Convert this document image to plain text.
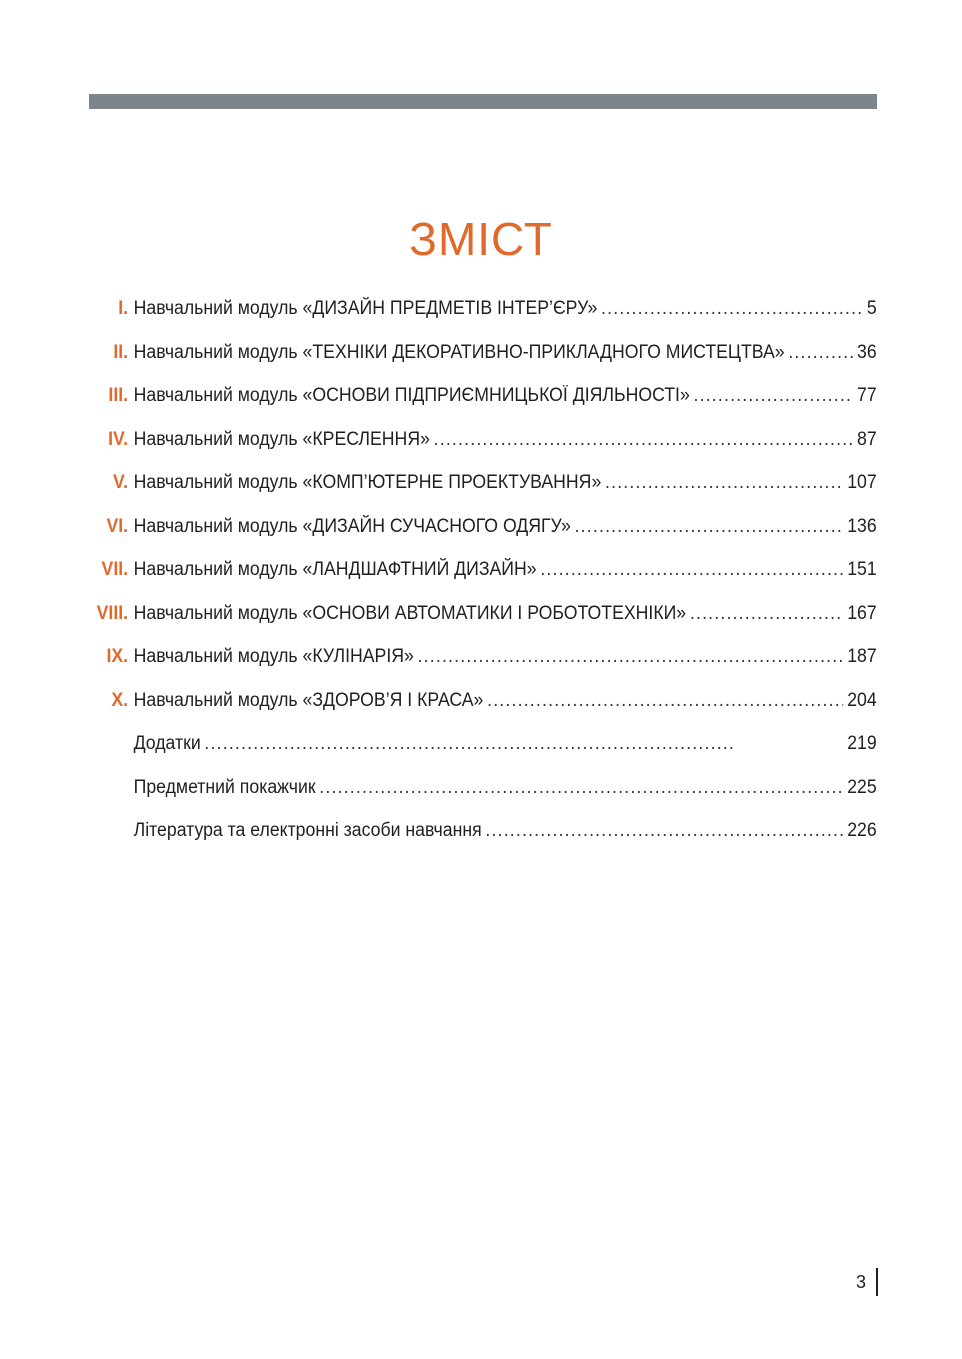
ЗМІСТ
I. Навчальний модуль «ДИЗАЙН ПРЕДМЕТІВ ІНТЕР’ЄРУ» . . .	5
II. Навчальний модуль «ТЕХНІКИ ДЕКОРАТИВНО-ПРИКЛАДНОГО МИСТЕЦТВА» . . .	36
III. Навчальний модуль «ОСНОВИ ПІДПРИЄМНИЦЬКОЇ ДІЯЛЬНОСТІ» . . .	77
IV. Навчальний модуль «КРЕСЛЕННЯ» . . .	87
V. Навчальний модуль «КОМП’ЮТЕРНЕ ПРОЕКТУВАННЯ» . . .	107
VI. Навчальний модуль «ДИЗАЙН СУЧАСНОГО ОДЯГУ» . . .	136
VII. Навчальний модуль «ЛАНДШАФТНИЙ ДИЗАЙН» . . .	151
VIII. Навчальний модуль «ОСНОВИ АВТОМАТИКИ І РОБОТОТЕХНІКИ» . . .	167
IX. Навчальний модуль «КУЛІНАРІЯ» . . .	187
X. Навчальний модуль «ЗДОРОВ’Я І КРАСА» . . .	204
Додатки . . .	219
Предметний покажчик . . .	225
Література та електронні засоби навчання . . .	226
3
